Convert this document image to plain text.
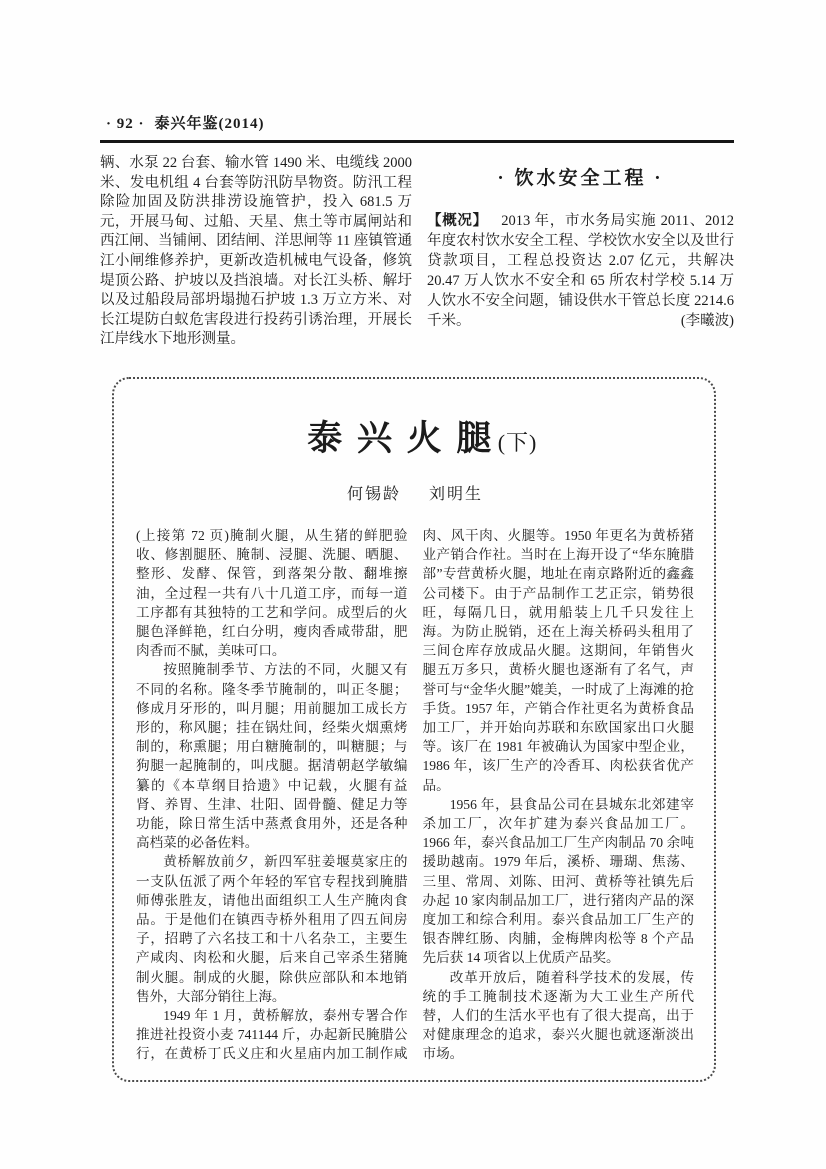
· 92 · 泰兴年鉴(2014)

辆、水泵 22 台套、输水管 1490 米、电缆线 2000 米、发电机组 4 台套等防汛防旱物资。防汛工程除险加固及防洪排涝设施管护，投入 681.5 万元，开展马甸、过船、天星、焦土等市属闸站和西江闸、当铺闸、团结闸、洋思闸等 11 座镇管通江小闸维修养护，更新改造机械电气设备，修筑堤顶公路、护坡以及挡浪墙。对长江头桥、解圩以及过船段局部坍塌抛石护坡 1.3 万立方米、对长江堤防白蚁危害段进行投药引诱治理，开展长江岸线水下地形测量。

· 饮水安全工程 ·

【概况】 2013 年，市水务局实施 2011、2012 年度农村饮水安全工程、学校饮水安全以及世行贷款项目，工程总投资达 2.07 亿元，共解决 20.47 万人饮水不安全和 65 所农村学校 5.14 万人饮水不安全问题，铺设供水干管总长度 2214.6 千米。	(李曦波)

泰兴火腿(下)
何锡龄 刘明生

(上接第 72 页)腌制火腿，从生猪的鲜肥验收、修割腿胚、腌制、浸腿、洗腿、晒腿、整形、发酵、保管，到落架分散、翻堆擦油，全过程一共有八十几道工序，而每一道工序都有其独特的工艺和学问。成型后的火腿色泽鲜艳，红白分明，瘦肉香咸带甜，肥肉香而不腻，美味可口。

按照腌制季节、方法的不同，火腿又有不同的名称。隆冬季节腌制的，叫正冬腿；修成月牙形的，叫月腿；用前腿加工成长方形的，称风腿；挂在锅灶间，经柴火烟熏烤制的，称熏腿；用白糖腌制的，叫糖腿；与狗腿一起腌制的，叫戌腿。据清朝赵学敏编纂的《本草纲目拾遗》中记载，火腿有益肾、养胃、生津、壮阳、固骨髓、健足力等功能，除日常生活中蒸煮食用外，还是各种高档菜的必备佐料。

黄桥解放前夕，新四军驻姜堰莫家庄的一支队伍派了两个年轻的军官专程找到腌腊师傅张胜友，请他出面组织工人生产腌肉食品。于是他们在镇西寺桥外租用了四五间房子，招聘了六名技工和十八名杂工，主要生产咸肉、肉松和火腿，后来自己宰杀生猪腌制火腿。制成的火腿，除供应部队和本地销售外，大部分销往上海。

1949 年 1 月，黄桥解放，泰州专署合作推进社投资小麦 741144 斤，办起新民腌腊公行，在黄桥丁氏义庄和火星庙内加工制作咸肉、风干肉、火腿等。1950 年更名为黄桥猪业产销合作社。当时在上海开设了“华东腌腊部”专营黄桥火腿，地址在南京路附近的鑫鑫公司楼下。由于产品制作工艺正宗，销势很旺，每隔几日，就用船装上几千只发往上海。为防止脱销，还在上海关桥码头租用了三间仓库存放成品火腿。这期间，年销售火腿五万多只，黄桥火腿也逐渐有了名气，声誉可与“金华火腿”媲美，一时成了上海滩的抢手货。1957 年，产销合作社更名为黄桥食品加工厂，并开始向苏联和东欧国家出口火腿等。该厂在 1981 年被确认为国家中型企业，1986 年，该厂生产的冷香耳、肉松获省优产品。

1956 年，县食品公司在县城东北郊建宰杀加工厂，次年扩建为泰兴食品加工厂。1966 年，泰兴食品加工厂生产肉制品 70 余吨援助越南。1979 年后，溪桥、珊瑚、焦荡、三里、常周、刘陈、田河、黄桥等社镇先后办起 10 家肉制品加工厂，进行猪肉产品的深度加工和综合利用。泰兴食品加工厂生产的银杏牌红肠、肉脯，金梅牌肉松等 8 个产品先后获 14 项省以上优质产品奖。

改革开放后，随着科学技术的发展，传统的手工腌制技术逐渐为大工业生产所代替，人们的生活水平也有了很大提高，出于对健康理念的追求，泰兴火腿也就逐渐淡出市场。
